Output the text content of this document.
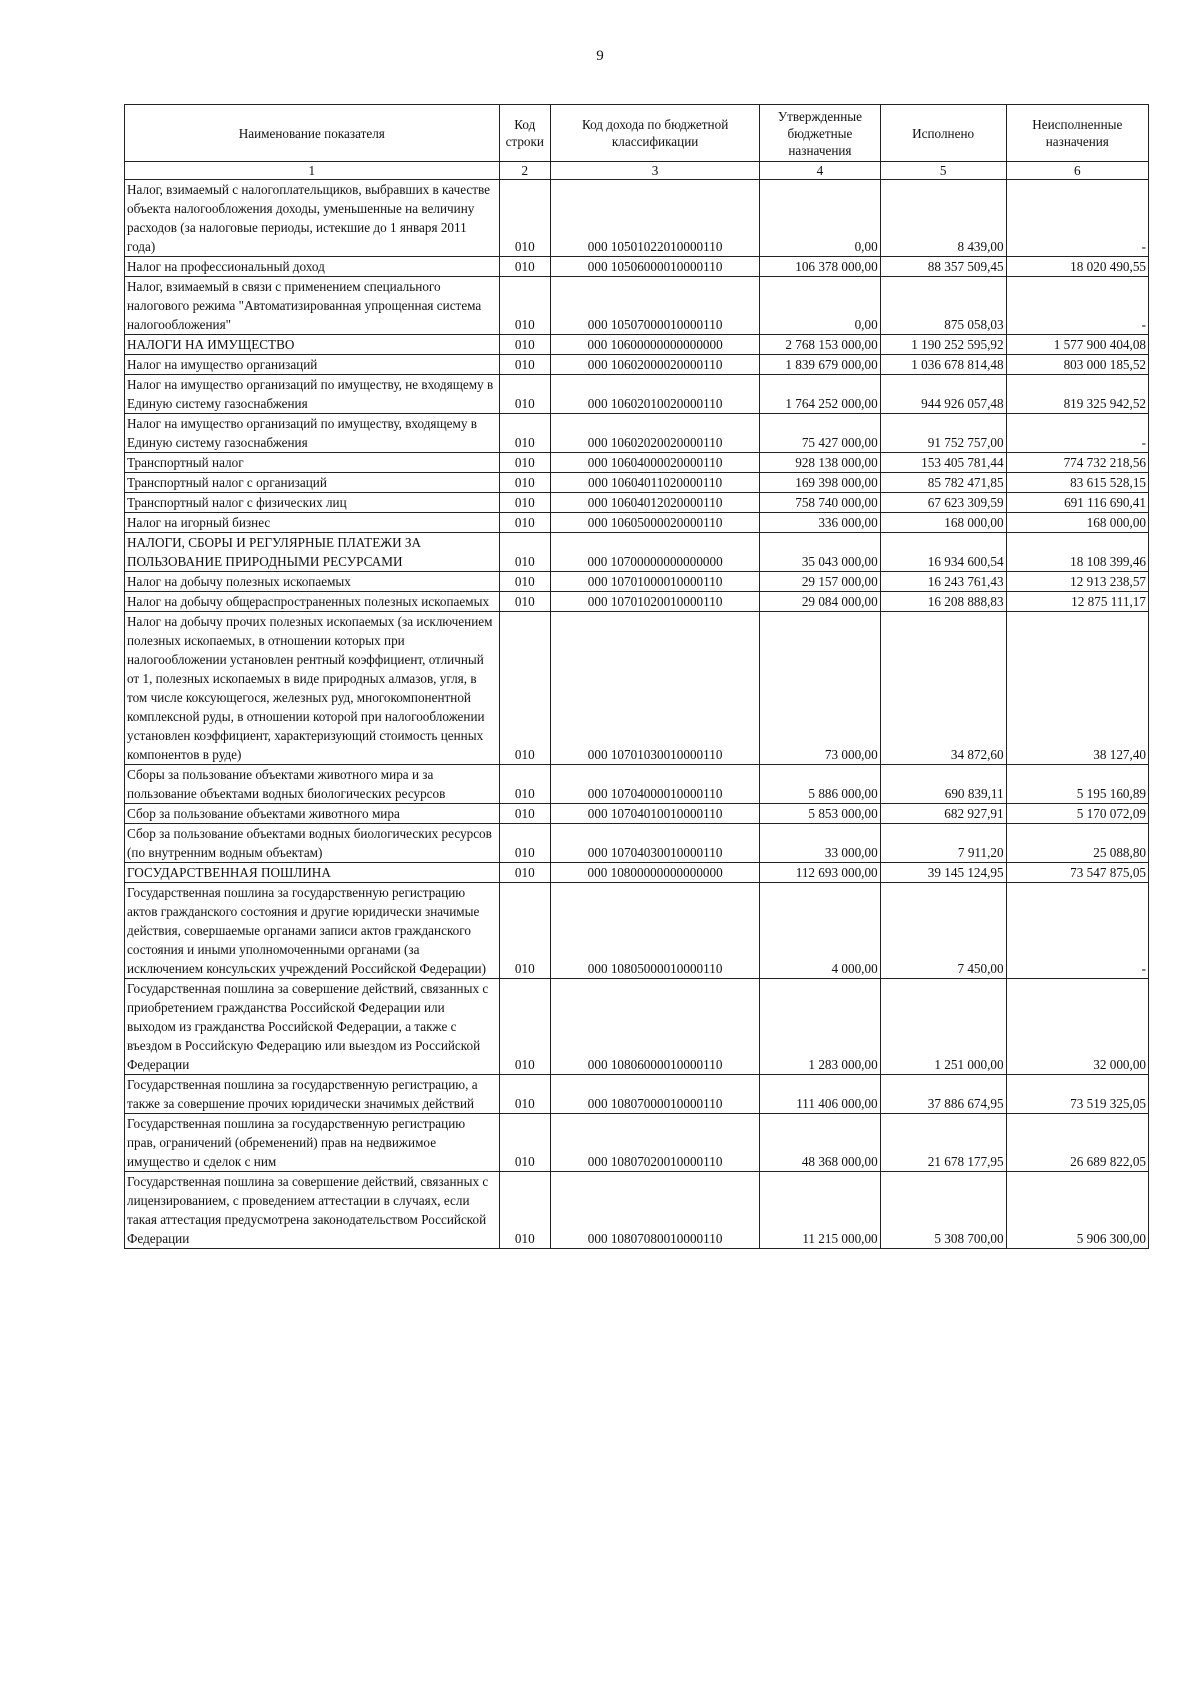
9
Наименование показателя	Код строки	Код дохода по бюджетной классификации	Утвержденные бюджетные назначения	Исполнено	Неисполненные назначения
1	2	3	4	5	6
Налог, взимаемый с налогоплательщиков, выбравших в качестве объекта налогообложения доходы, уменьшенные на величину расходов (за налоговые периоды, истекшие до 1 января 2011 года)	010	000 10501022010000110	0,00	8 439,00	-
Налог на профессиональный доход	010	000 10506000010000110	106 378 000,00	88 357 509,45	18 020 490,55
Налог, взимаемый в связи с применением специального налогового режима "Автоматизированная упрощенная система налогообложения"	010	000 10507000010000110	0,00	875 058,03	-
НАЛОГИ НА ИМУЩЕСТВО	010	000 10600000000000000	2 768 153 000,00	1 190 252 595,92	1 577 900 404,08
Налог на имущество организаций	010	000 10602000020000110	1 839 679 000,00	1 036 678 814,48	803 000 185,52
Налог на имущество организаций по имуществу, не входящему в Единую систему газоснабжения	010	000 10602010020000110	1 764 252 000,00	944 926 057,48	819 325 942,52
Налог на имущество организаций по имуществу, входящему в Единую систему газоснабжения	010	000 10602020020000110	75 427 000,00	91 752 757,00	-
Транспортный налог	010	000 10604000020000110	928 138 000,00	153 405 781,44	774 732 218,56
Транспортный налог с организаций	010	000 10604011020000110	169 398 000,00	85 782 471,85	83 615 528,15
Транспортный налог с физических лиц	010	000 10604012020000110	758 740 000,00	67 623 309,59	691 116 690,41
Налог на игорный бизнес	010	000 10605000020000110	336 000,00	168 000,00	168 000,00
НАЛОГИ, СБОРЫ И РЕГУЛЯРНЫЕ ПЛАТЕЖИ ЗА ПОЛЬЗОВАНИЕ ПРИРОДНЫМИ РЕСУРСАМИ	010	000 10700000000000000	35 043 000,00	16 934 600,54	18 108 399,46
Налог на добычу полезных ископаемых	010	000 10701000010000110	29 157 000,00	16 243 761,43	12 913 238,57
Налог на добычу общераспространенных полезных ископаемых	010	000 10701020010000110	29 084 000,00	16 208 888,83	12 875 111,17
Налог на добычу прочих полезных ископаемых (за исключением полезных ископаемых, в отношении которых при налогообложении установлен рентный коэффициент, отличный от 1, полезных ископаемых в виде природных алмазов, угля, в том числе коксующегося, железных руд, многокомпонентной комплексной руды, в отношении которой при налогообложении установлен коэффициент, характеризующий стоимость ценных компонентов в руде)	010	000 10701030010000110	73 000,00	34 872,60	38 127,40
Сборы за пользование объектами животного мира и за пользование объектами водных биологических ресурсов	010	000 10704000010000110	5 886 000,00	690 839,11	5 195 160,89
Сбор за пользование объектами животного мира	010	000 10704010010000110	5 853 000,00	682 927,91	5 170 072,09
Сбор за пользование объектами водных биологических ресурсов (по внутренним водным объектам)	010	000 10704030010000110	33 000,00	7 911,20	25 088,80
ГОСУДАРСТВЕННАЯ ПОШЛИНА	010	000 10800000000000000	112 693 000,00	39 145 124,95	73 547 875,05
Государственная пошлина за государственную регистрацию актов гражданского состояния и другие юридически значимые действия, совершаемые органами записи актов гражданского состояния и иными уполномоченными органами (за исключением консульских учреждений Российской Федерации)	010	000 10805000010000110	4 000,00	7 450,00	-
Государственная пошлина за совершение действий, связанных с приобретением гражданства Российской Федерации или выходом из гражданства Российской Федерации, а также с въездом в Российскую Федерацию или выездом из Российской Федерации	010	000 10806000010000110	1 283 000,00	1 251 000,00	32 000,00
Государственная пошлина за государственную регистрацию, а также за совершение прочих юридически значимых действий	010	000 10807000010000110	111 406 000,00	37 886 674,95	73 519 325,05
Государственная пошлина за государственную регистрацию прав, ограничений (обременений) прав на недвижимое имущество и сделок с ним	010	000 10807020010000110	48 368 000,00	21 678 177,95	26 689 822,05
Государственная пошлина за совершение действий, связанных с лицензированием, с проведением аттестации в случаях, если такая аттестация предусмотрена законодательством Российской Федерации	010	000 10807080010000110	11 215 000,00	5 308 700,00	5 906 300,00
